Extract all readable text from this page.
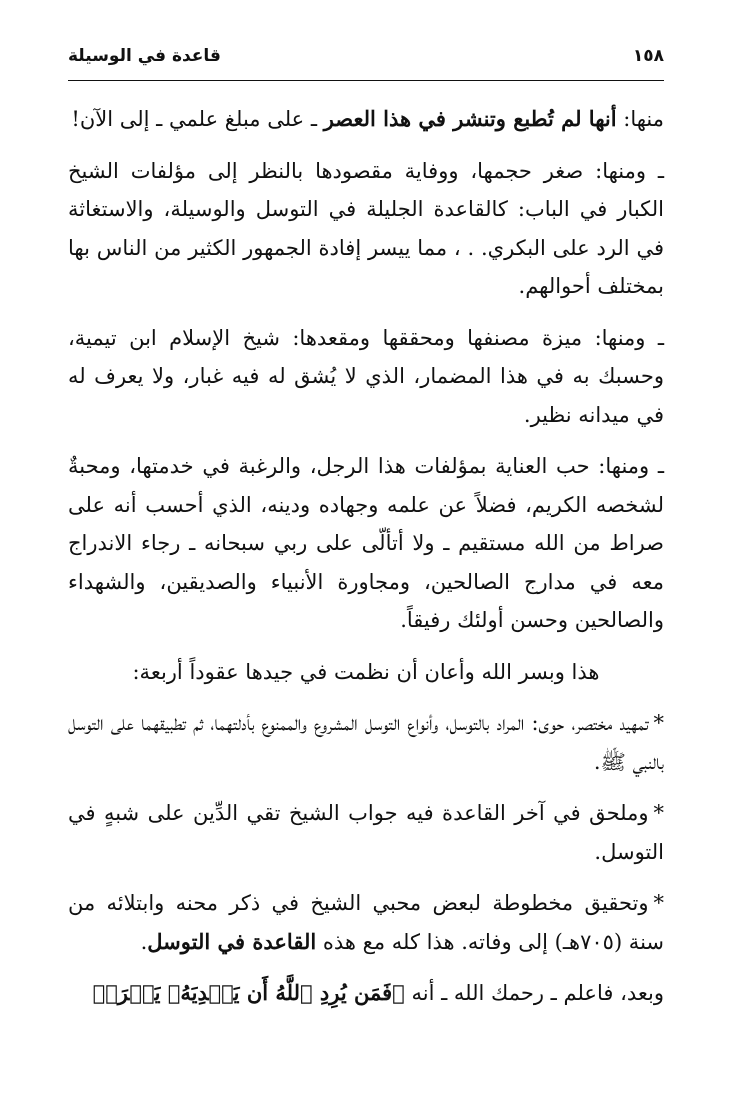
١٥٨
قاعدة في الوسيلة

منها: أنها لم تُطبع وتنشر في هذا العصر ـ على مبلغ علمي ـ إلى الآن!

ـ ومنها: صغر حجمها، ووفاية مقصودها بالنظر إلى مؤلفات الشيخ الكبار في الباب: كالقاعدة الجليلة في التوسل والوسيلة، والاستغاثة في الرد على البكري. . ، مما ييسر إفادة الجمهور الكثير من الناس بها بمختلف أحوالهم.

ـ ومنها: ميزة مصنفها ومحققها ومقعدها: شيخ الإسلام ابن تيمية، وحسبك به في هذا المضمار، الذي لا يُشق له فيه غبار، ولا يعرف له في ميدانه نظير.

ـ ومنها: حب العناية بمؤلفات هذا الرجل، والرغبة في خدمتها، ومحبةٌ لشخصه الكريم، فضلاً عن علمه وجهاده ودينه، الذي أحسب أنه على صراط من الله مستقيم ـ ولا أتألّى على ربي سبحانه ـ رجاء الاندراج معه في مدارج الصالحين، ومجاورة الأنبياء والصديقين، والشهداء والصالحين وحسن أولئك رفيقاً.

هذا وبسر الله وأعان أن نظمت في جيدها عقوداً أربعة:

*تمهيد مختصر، حوى: المراد بالتوسل، وأنواع التوسل المشروع والممنوع بأدلتهما، ثم تطبيقهما على التوسل بالنبي ﷺ.

*وملحق في آخر القاعدة فيه جواب الشيخ تقي الدِّين على شبهٍ في التوسل.

*وتحقيق مخطوطة لبعض محبي الشيخ في ذكر محنه وابتلائه من سنة (٧٠٥هـ) إلى وفاته. هذا كله مع هذه القاعدة في التوسل.

وبعد، فاعلم ـ رحمك الله ـ أنه ﴿فَمَن يُرِدِ ٱللَّهُ أَن يَهۡدِيَهُۥ يَشۡرَحۡ
